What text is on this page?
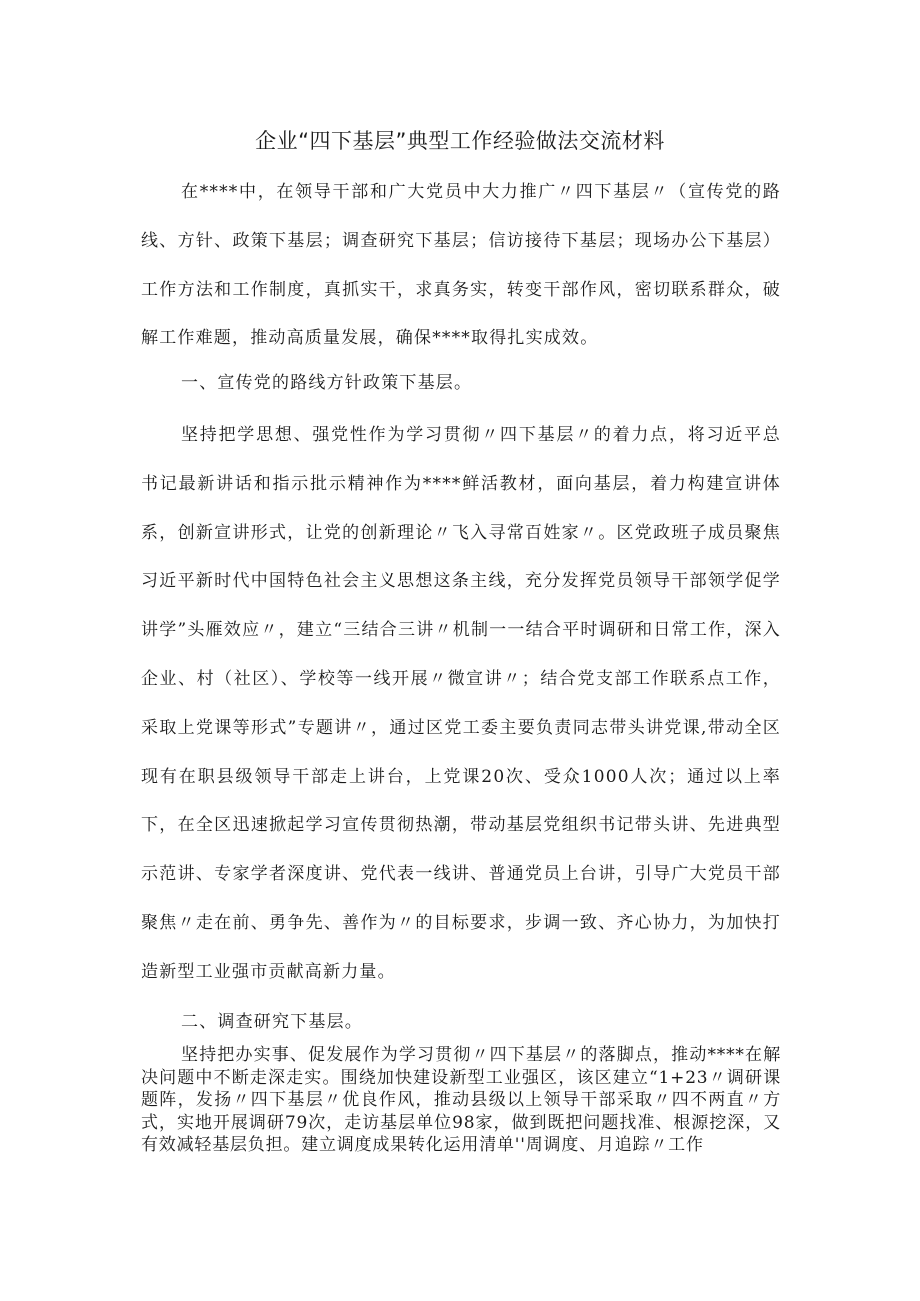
企业“四下基层”典型工作经验做法交流材料

在****中，在领导干部和广大党员中大力推广〃四下基层〃（宣传党的路线、方针、政策下基层；调查研究下基层；信访接待下基层；现场办公下基层）工作方法和工作制度，真抓实干，求真务实，转变干部作风，密切联系群众，破解工作难题，推动高质量发展，确保****取得扎实成效。

一、宣传党的路线方针政策下基层。

坚持把学思想、强党性作为学习贯彻〃四下基层〃的着力点，将习近平总书记最新讲话和指示批示精神作为****鲜活教材，面向基层，着力构建宣讲体系，创新宣讲形式，让党的创新理论〃飞入寻常百姓家〃。区党政班子成员聚焦习近平新时代中国特色社会主义思想这条主线，充分发挥党员领导干部领学促学讲学”头雁效应〃，建立“三结合三讲〃机制一一结合平时调研和日常工作，深入企业、村（社区）、学校等一线开展〃微宣讲〃；结合党支部工作联系点工作，采取上党课等形式”专题讲〃，通过区党工委主要负责同志带头讲党课,带动全区现有在职县级领导干部走上讲台，上党课20次、受众1000人次；通过以上率下，在全区迅速掀起学习宣传贯彻热潮，带动基层党组织书记带头讲、先进典型示范讲、专家学者深度讲、党代表一线讲、普通党员上台讲，引导广大党员干部聚焦〃走在前、勇争先、善作为〃的目标要求，步调一致、齐心协力，为加快打造新型工业强市贡献高新力量。

二、调查研究下基层。

坚持把办实事、促发展作为学习贯彻〃四下基层〃的落脚点，推动****在解决问题中不断走深走实。围绕加快建设新型工业强区，该区建立“1+23〃调研课题阵，发扬〃四下基层〃优良作风，推动县级以上领导干部采取〃四不两直〃方式，实地开展调研79次，走访基层单位98家，做到既把问题找准、根源挖深，又有效减轻基层负担。建立调度成果转化运用清单''周调度、月追踪〃工作
